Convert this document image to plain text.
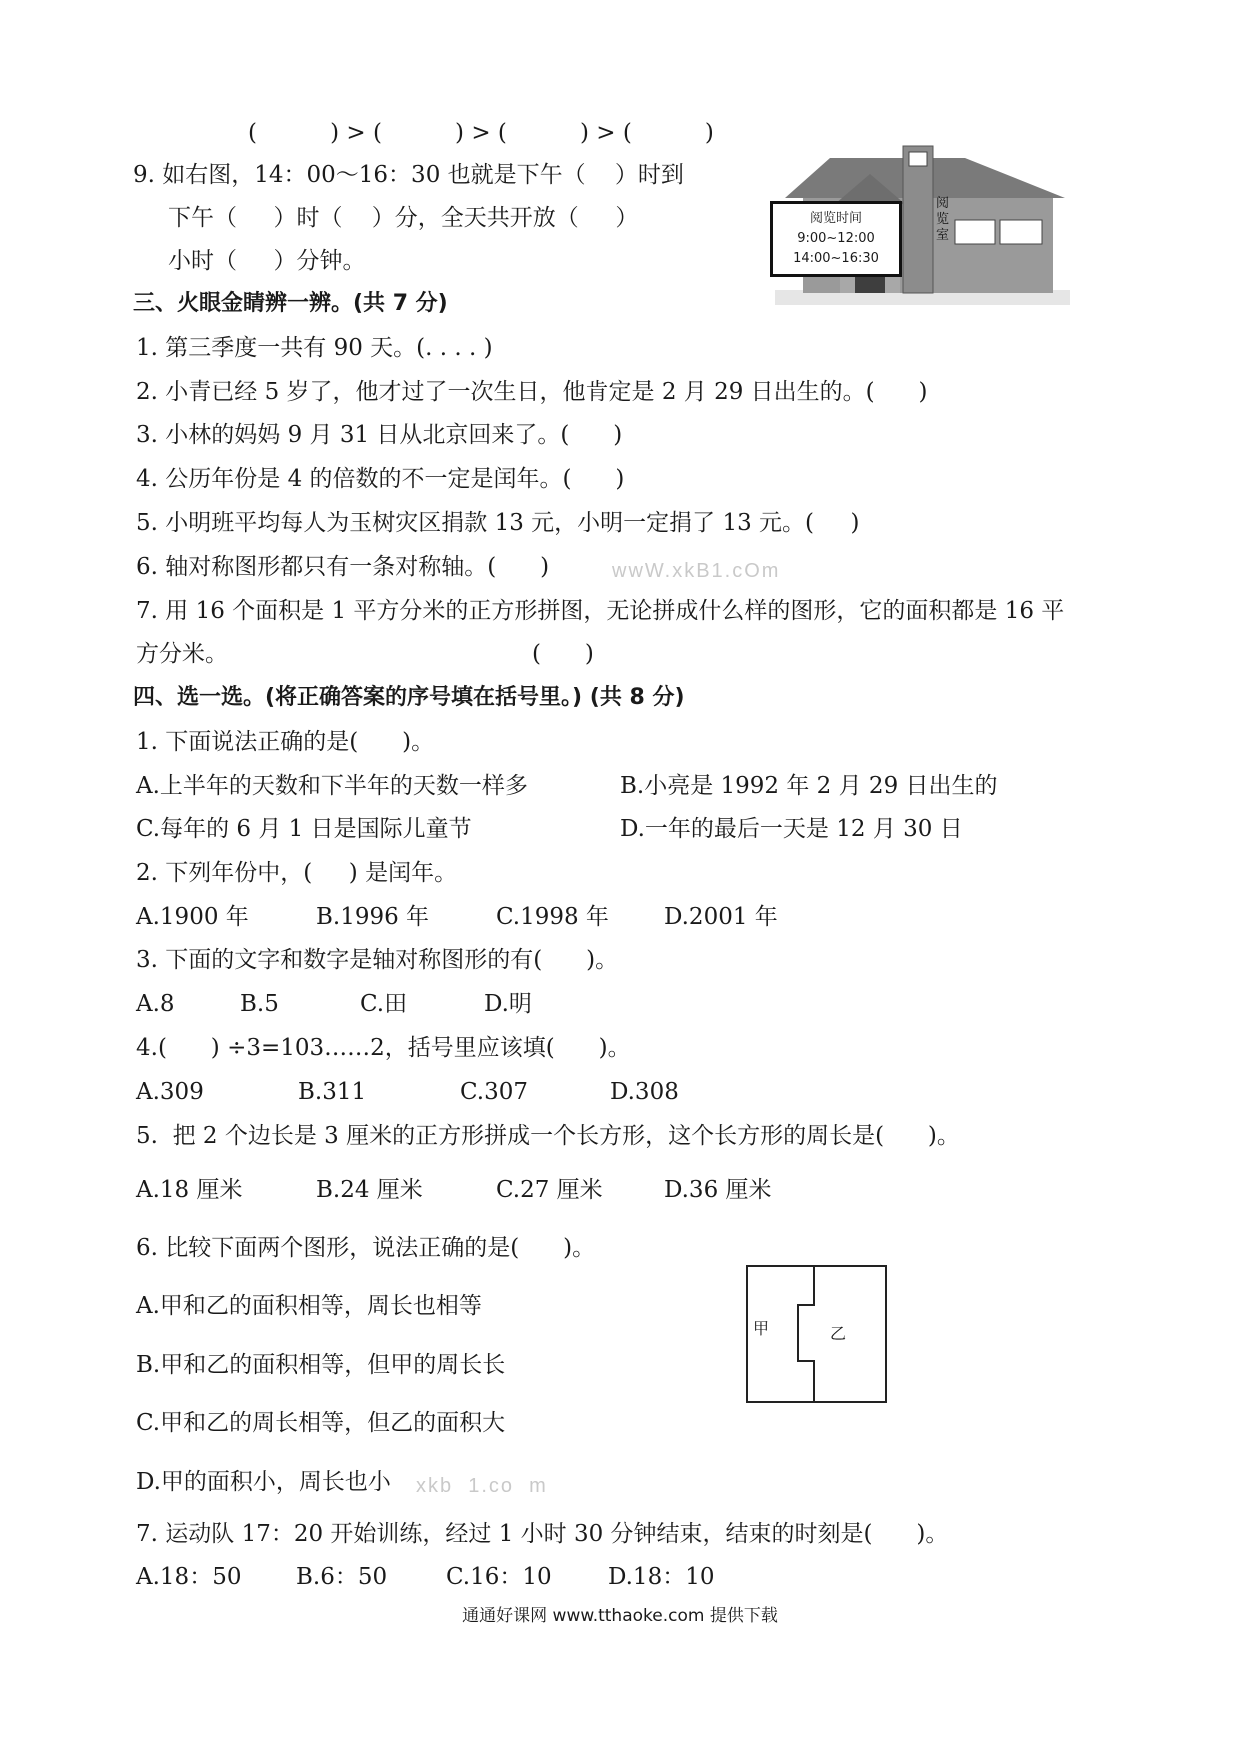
(          ) > (          ) > (          ) > (          )
9. 如右图，14：00～16：30 也就是下午（    ）时到
下午（     ）时（    ）分，全天共开放（     ）
小时（     ）分钟。
三、火眼金睛辨一辨。(共 7 分)
1. 第三季度一共有 90 天。(. . . . )
2. 小青已经 5 岁了，他才过了一次生日，他肯定是 2 月 29 日出生的。(      )
3. 小林的妈妈 9 月 31 日从北京回来了。(      )
4. 公历年份是 4 的倍数的不一定是闰年。(      )
5. 小明班平均每人为玉树灾区捐款 13 元，小明一定捐了 13 元。(     )
6. 轴对称图形都只有一条对称轴。(      )	wwW.xkB1.cOm
7. 用 16 个面积是 1 平方分米的正方形拼图，无论拼成什么样的图形，它的面积都是 16 平
方分米。	(      )
四、选一选。(将正确答案的序号填在括号里。) (共 8 分)
1. 下面说法正确的是(      )。
A.上半年的天数和下半年的天数一样多	B.小亮是 1992 年 2 月 29 日出生的
C.每年的 6 月 1 日是国际儿童节	D.一年的最后一天是 12 月 30 日
2. 下列年份中，(     ) 是闰年。
A.1900 年	B.1996 年	C.1998 年 D.2001 年
3. 下面的文字和数字是轴对称图形的有(      )。
A.8	B.5	C.田	D.明
4.(      ) ÷3=103……2，括号里应该填(      )。
A.309	B.311	C.307	D.308
5.  把 2 个边长是 3 厘米的正方形拼成一个长方形，这个长方形的周长是(      )。
A.18 厘米	B.24 厘米	C.27 厘米	D.36 厘米
6. 比较下面两个图形，说法正确的是(      )。
A.甲和乙的面积相等，周长也相等
B.甲和乙的面积相等，但甲的周长长
C.甲和乙的周长相等，但乙的面积大
D.甲的面积小，周长也小 xkb  1.co  m
7. 运动队 17：20 开始训练，经过 1 小时 30 分钟结束，结束的时刻是(      )。
A.18：50 B.6：50	C.16：10 D.18：10
阅览室
阅览时间
9:00~12:00
14:00~16:30
甲	乙
通通好课网 www.tthaoke.com 提供下载
